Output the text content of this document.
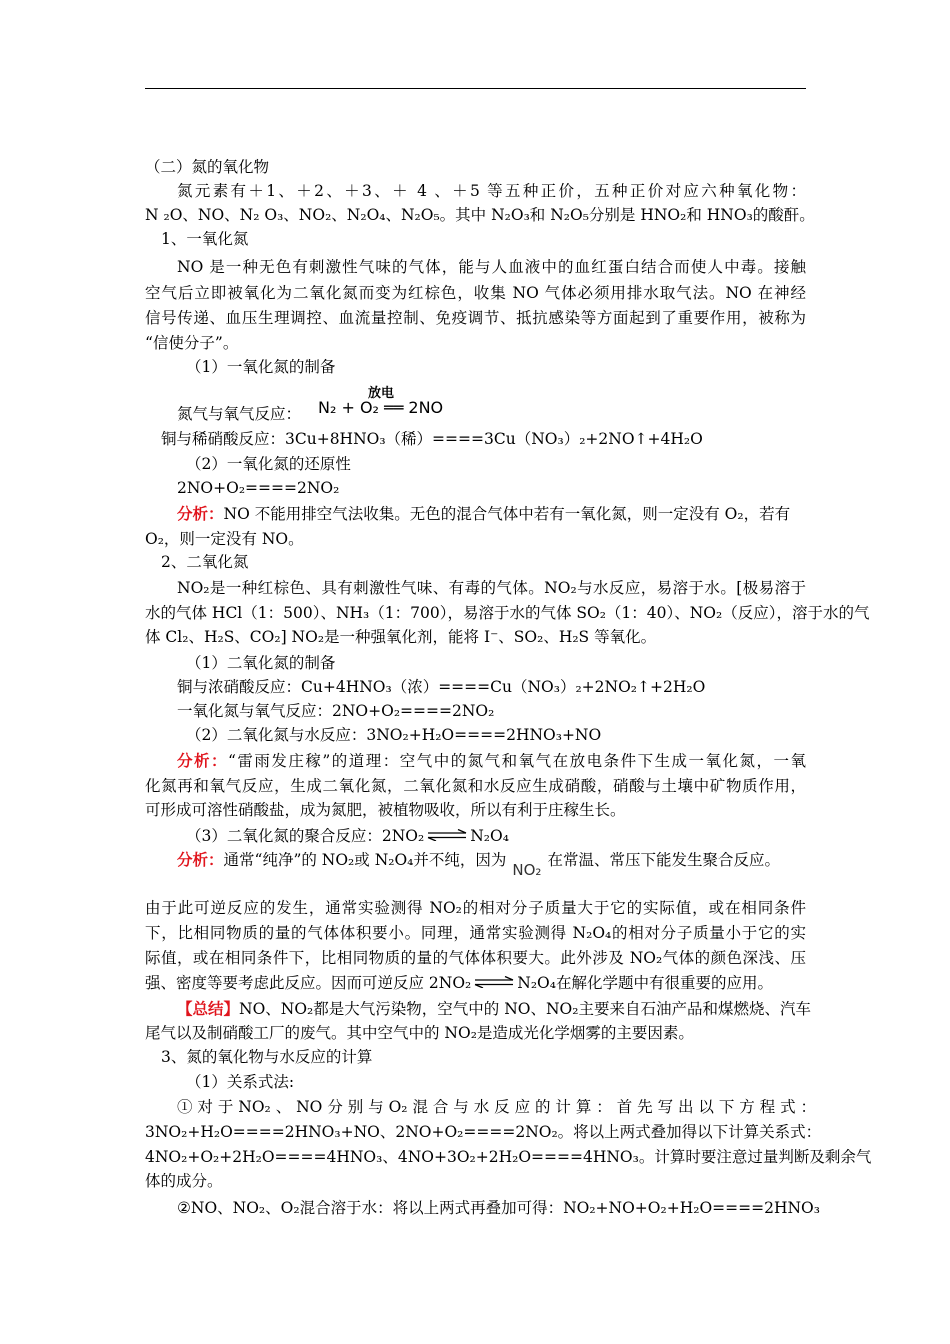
（二）氮的氧化物
氮元素有＋1、＋2、＋3、＋ 4 、＋5 等五种正价，五种正价对应六种氧化物：
N ₂O、NO、N₂ O₃、NO₂、N₂O₄、N₂O₅。其中 N₂O₃和 N₂O₅分别是 HNO₂和 HNO₃的酸酐。
1、一氧化氮
NO 是一种无色有刺激性气味的气体，能与人血液中的血红蛋白结合而使人中毒。接触
空气后立即被氧化为二氧化氮而变为红棕色，收集 NO 气体必须用排水取气法。NO 在神经
信号传递、血压生理调控、血流量控制、免疫调节、抵抗感染等方面起到了重要作用，被称为
“信使分子”。
（1）一氧化氮的制备
氮气与氧气反应：
放电
N₂ + O₂ ══ 2NO
铜与稀硝酸反应：3Cu+8HNO₃（稀）====3Cu（NO₃）₂+2NO↑+4H₂O
（2）一氧化氮的还原性
2NO+O₂====2NO₂
分析：NO 不能用排空气法收集。无色的混合气体中若有一氧化氮，则一定没有 O₂，若有
O₂，则一定没有 NO。
2、二氧化氮
NO₂是一种红棕色、具有刺激性气味、有毒的气体。NO₂与水反应，易溶于水。[极易溶于
水的气体 HCl（1：500）、NH₃（1：700），易溶于水的气体 SO₂（1：40）、NO₂（反应），溶于水的气
体 Cl₂、H₂S、CO₂] NO₂是一种强氧化剂，能将 I⁻、SO₂、H₂S 等氧化。
（1）二氧化氮的制备
铜与浓硝酸反应：Cu+4HNO₃（浓）====Cu（NO₃）₂+2NO₂↑+2H₂O
一氧化氮与氧气反应：2NO+O₂====2NO₂
（2）二氧化氮与水反应：3NO₂+H₂O====2HNO₃+NO
分析：“雷雨发庄稼”的道理：空气中的氮气和氧气在放电条件下生成一氧化氮，一氧
化氮再和氧气反应，生成二氧化氮，二氧化氮和水反应生成硝酸，硝酸与土壤中矿物质作用，
可形成可溶性硝酸盐，成为氮肥，被植物吸收，所以有利于庄稼生长。
（3）二氧化氮的聚合反应：2NO₂ ⇌ N₂O₄
分析：通常“纯净”的 NO₂或 N₂O₄并不纯，因为NO₂在常温、常压下能发生聚合反应。
由于此可逆反应的发生，通常实验测得 NO₂的相对分子质量大于它的实际值，或在相同条件
下，比相同物质的量的气体体积要小。同理，通常实验测得 N₂O₄的相对分子质量小于它的实
际值，或在相同条件下，比相同物质的量的气体体积要大。此外涉及 NO₂气体的颜色深浅、压
强、密度等要考虑此反应。因而可逆反应 2NO₂ ⇌ N₂O₄在解化学题中有很重要的应用。
【总结】NO、NO₂都是大气污染物，空气中的 NO、NO₂主要来自石油产品和煤燃烧、汽车
尾气以及制硝酸工厂的废气。其中空气中的 NO₂是造成光化学烟雾的主要因素。
3、氮的氧化物与水反应的计算
（1）关系式法:
① 对 于 NO₂ 、 NO 分 别 与 O₂ 混 合 与 水 反 应 的 计 算 ： 首 先 写 出 以 下 方 程 式 ：
3NO₂+H₂O====2HNO₃+NO、2NO+O₂====2NO₂。将以上两式叠加得以下计算关系式：
4NO₂+O₂+2H₂O====4HNO₃、4NO+3O₂+2H₂O====4HNO₃。计算时要注意过量判断及剩余气
体的成分。
②NO、NO₂、O₂混合溶于水：将以上两式再叠加可得：NO₂+NO+O₂+H₂O====2HNO₃
